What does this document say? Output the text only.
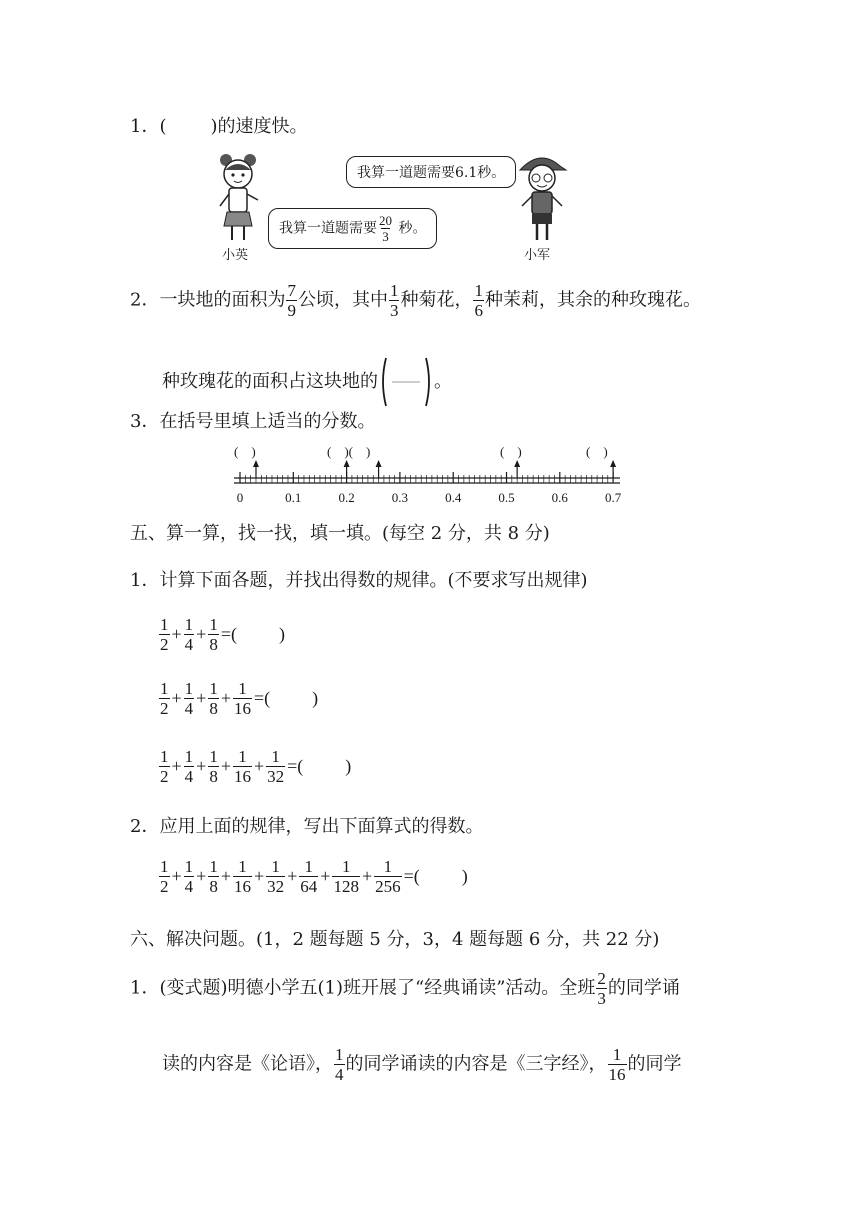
1．( )的速度快。
小英	小军
我算一道题需要6.1秒。
我算一道题需要 $\frac{20}{3}$ 秒。
2．一块地的面积为 $\frac{7}{9}$ 公顷，其中 $\frac{1}{3}$ 种菊花， $\frac{1}{6}$ 种茉莉，其余的种玫瑰花。
种玫瑰花的面积占这块地的	。
3．在括号里填上适当的分数。
0	0.1	0.2	0.3	0.4	0.5	0.6	0.7
(　)	(　)(　)	(　)	(　)
五、算一算，找一找，填一填。(每空 2 分，共 8 分)
1．计算下面各题，并找出得数的规律。(不要求写出规律)
$\frac{1}{2} + \frac{1}{4} + \frac{1}{8}$ =( )
$\frac{1}{2} + \frac{1}{4} + \frac{1}{8} + \frac{1}{16}$ =( )
$\frac{1}{2} + \frac{1}{4} + \frac{1}{8} + \frac{1}{16} + \frac{1}{32}$ =( )
2．应用上面的规律，写出下面算式的得数。
$\frac{1}{2} + \frac{1}{4} + \frac{1}{8} + \frac{1}{16} + \frac{1}{32} + \frac{1}{64} + \frac{1}{128} + \frac{1}{256}$ =( )
六、解决问题。(1，2 题每题 5 分，3，4 题每题 6 分，共 22 分)
1．(变式题)明德小学五(1)班开展了“经典诵读”活动。全班 $\frac{2}{3}$ 的同学诵
读的内容是《论语》， $\frac{1}{4}$ 的同学诵读的内容是《三字经》， $\frac{1}{16}$ 的同学
